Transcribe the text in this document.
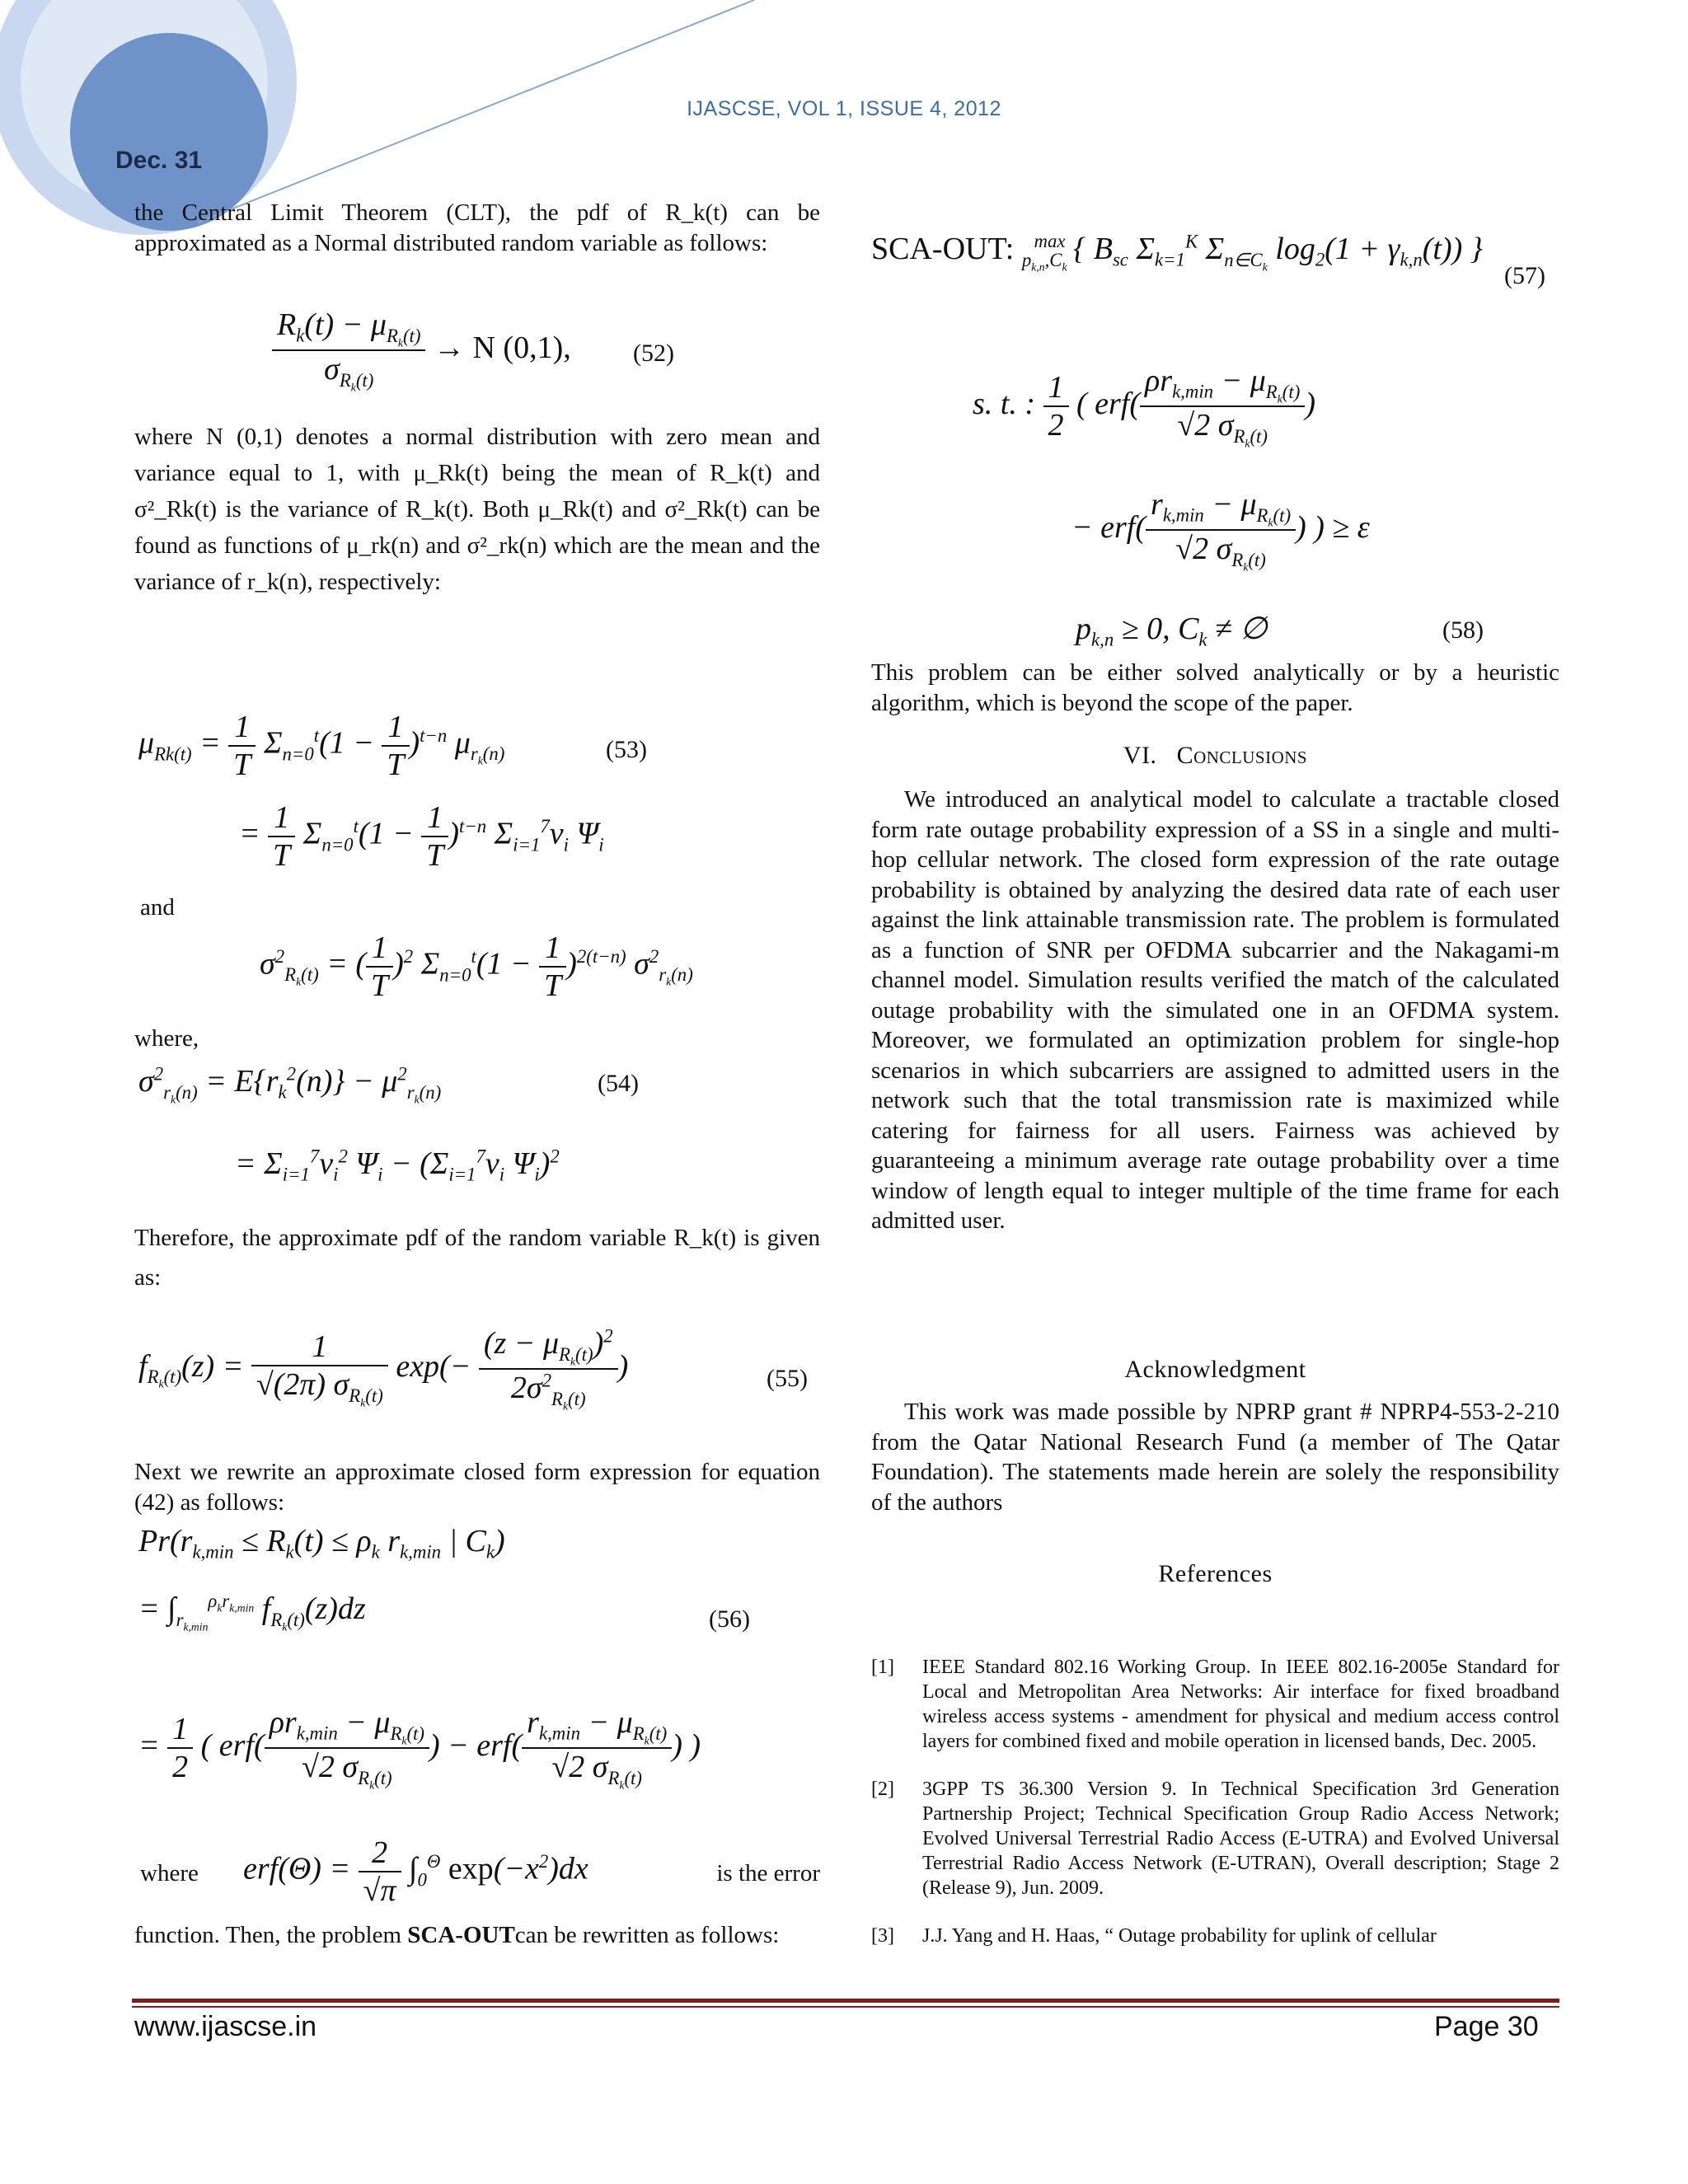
IJASCSE, VOL 1, ISSUE 4, 2012
Dec. 31
the Central Limit Theorem (CLT), the pdf of R_k(t) can be approximated as a Normal distributed random variable as follows:
$\frac{R_k(t) - \mu_{R_k(t)}}{\sigma_{R_k(t)}} \to N$ (0,1),	(52)
where N (0,1) denotes a normal distribution with zero mean and variance equal to 1, with μ_Rk(t) being the mean of R_k(t) and σ²_Rk(t) is the variance of R_k(t). Both μ_Rk(t) and σ²_Rk(t) can be found as functions of μ_rk(n) and σ²_rk(n) which are the mean and the variance of r_k(n), respectively:
$\mu_{Rk(t)} = \frac{1}{T} \Sigma_{n=0}^t(1 - \frac{1}{T} )^{t-n}$ $\mu_{r_k(n)}$	(53)
= $\frac{1}{T} \Sigma_{n=0}^t(1 - \frac{1}{T} )^{t-n}$ $\Sigma_{i=1}^7\nu_i$ $\Psi_i$
and
$\sigma^2_{R_k(t)}$ = ( $\frac{1}{T} )^2$ $\Sigma_{n=0}^t(1 - \frac{1}{T} )^{2(t-n)}$ $\sigma^2_{r_k(n)}$
where,
$\sigma^2_{r_k(n)} = E\{r_k^2(n)\} - \mu^2_{r_k(n)}$	(54)
= $\Sigma_{i=1}^7\nu_i^2$ $\Psi_i - (\Sigma_{i=1}^7\nu_i$ $\Psi_i)^2$
Therefore, the approximate pdf of the random variable R_k(t) is given as:
$f_{R_k(t)}(z) = \frac{1}{√(2\pi) \sigma_{R_k(t)}} \exp(- \frac{(z - \mu_{R_k(t)})^2}{2\sigma^2_{R_k(t)}}$ )	(55)
Next we rewrite an approximate closed form expression for equation (42) as follows:
$Pr(r_{k,min} \le R_k(t) \le \rho_k$ $r_{k,min}$ | $C_k$)
= $\int_{r_{k,min}}^{\rho_kr_{k,min}}$ $f_{R_k(t)}(z)dz$	(56)
= $\frac{1}{2}$ ( $erf( \frac{\rho r_{k,min} - \mu_{R_k(t)}}{√2 \sigma_{R_k(t)}}$ ) − $erf( \frac{r_{k,min} - \mu_{R_k(t)}}{√2 \sigma_{R_k(t)}}$ ) )
where $erf(\Theta) = \frac{2}{√\pi} \int_0^\Theta$ $\exp(-x^2)dx$	is the error
function. Then, the problem SCA-OUTcan be rewritten as follows:
SCA-OUT: $_{p_{k,n},C_k}^{max}$ { $B_{sc}$ $\Sigma_{k=1}^K$ $\Sigma_{n\in C_k}$ $\log_2(1 + \gamma_{k,n}(t))$ }
(57)
s. t. : $\frac{1}{2}$ ( $erf( \frac{\rho r_{k,min} - \mu_{R_k(t)}}{√2 \sigma_{R_k(t)}}$ )
− $erf( \frac{r_{k,min} - \mu_{R_k(t)}}{√2 \sigma_{R_k(t)}}$ ) ) ≥ ε
$p_{k,n} \ge 0$, $C_k$ ≠ ∅	(58)
This problem can be either solved analytically or by a heuristic algorithm, which is beyond the scope of the paper.
VI. Conclusions
We introduced an analytical model to calculate a tractable closed form rate outage probability expression of a SS in a single and multi-hop cellular network. The closed form expression of the rate outage probability is obtained by analyzing the desired data rate of each user against the link attainable transmission rate. The problem is formulated as a function of SNR per OFDMA subcarrier and the Nakagami-m channel model. Simulation results verified the match of the calculated outage probability with the simulated one in an OFDMA system. Moreover, we formulated an optimization problem for single-hop scenarios in which subcarriers are assigned to admitted users in the network such that the total transmission rate is maximized while catering for fairness for all users. Fairness was achieved by guaranteeing a minimum average rate outage probability over a time window of length equal to integer multiple of the time frame for each admitted user.
Acknowledgment
This work was made possible by NPRP grant # NPRP4-553-2-210 from the Qatar National Research Fund (a member of The Qatar Foundation). The statements made herein are solely the responsibility of the authors
References
[1]	IEEE Standard 802.16 Working Group. In IEEE 802.16-2005e Standard for Local and Metropolitan Area Networks: Air interface for fixed broadband wireless access systems - amendment for physical and medium access control layers for combined fixed and mobile operation in licensed bands, Dec. 2005.
[2]	3GPP TS 36.300 Version 9. In Technical Specification 3rd Generation Partnership Project; Technical Specification Group Radio Access Network; Evolved Universal Terrestrial Radio Access (E-UTRA) and Evolved Universal Terrestrial Radio Access Network (E-UTRAN), Overall description; Stage 2 (Release 9), Jun. 2009.
[3]	J.J. Yang and H. Haas, “ Outage probability for uplink of cellular
www.ijascse.in	Page 30
